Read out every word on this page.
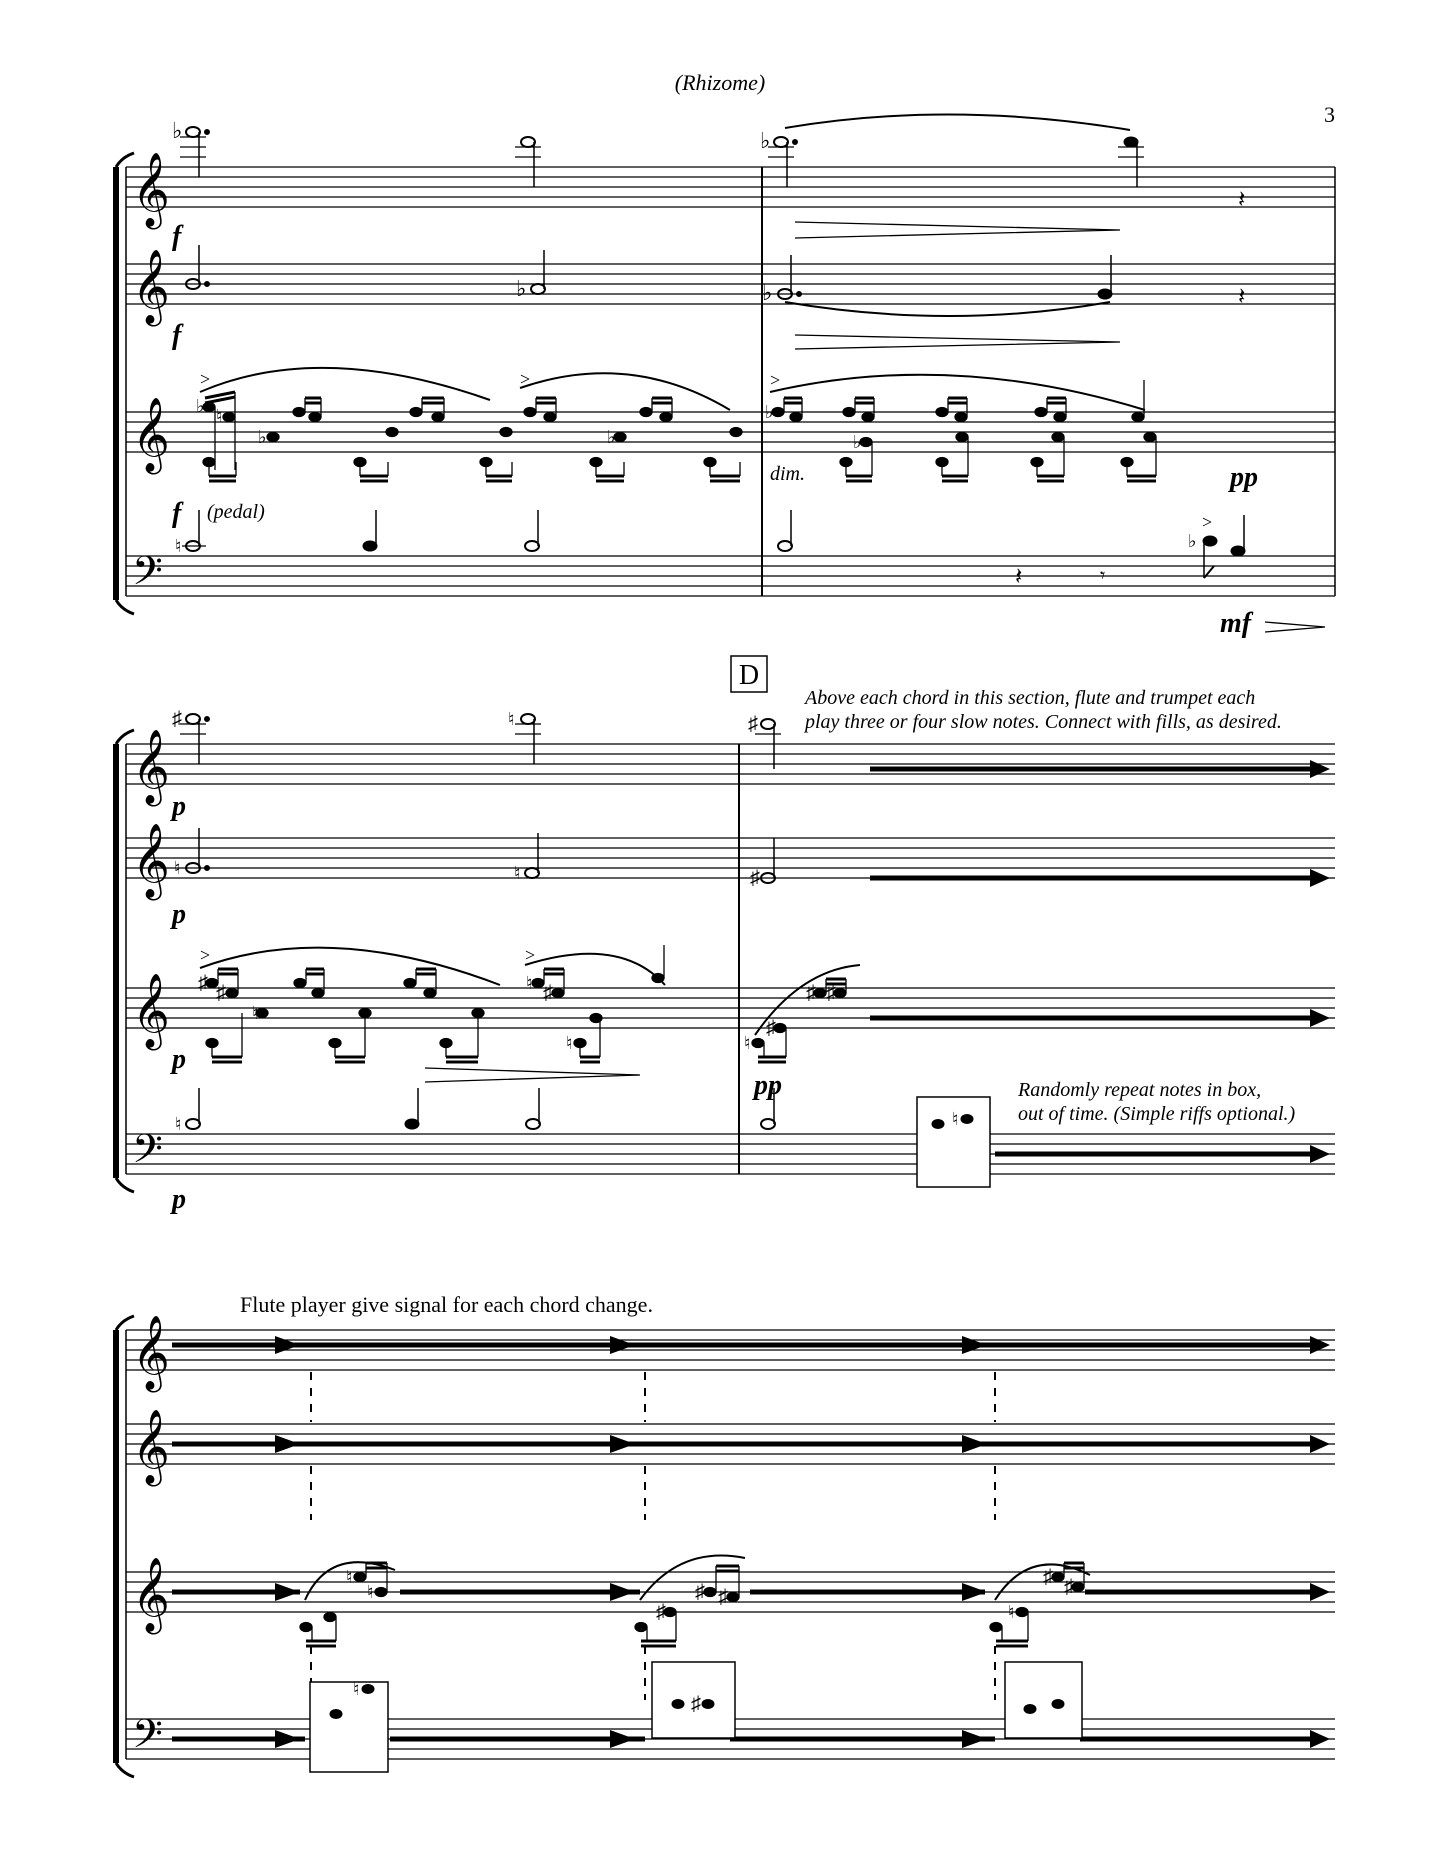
(Rhizome)
3
𝄞
𝄞
𝄞
𝄢
♭	♭
𝄽
♭	♭	𝄽
>	>
♭ ♮
♭	♭
>
♭
♭
♮
𝄽	𝄾
♭
>
f
f
f (pedal)
dim.	pp
mf
D
Above each chord in this section, flute and trumpet each
play three or four slow notes. Connect with fills, as desired.
𝄞
𝄞
𝄞
𝄢
♯	♮	♯
♮	♮	♯
>	>
♯ ♯
♮
♮ ♯
♮	♮
♯
♯ ♯
♮	♮
p
p
p
pp
p
Randomly repeat notes in box,
out of time. (Simple riffs optional.)
Flute player give signal for each chord change.
𝄞
𝄞
𝄞
𝄢
♮
♮
♯
♯ ♯
♮
♯ ♯
♮
♯
